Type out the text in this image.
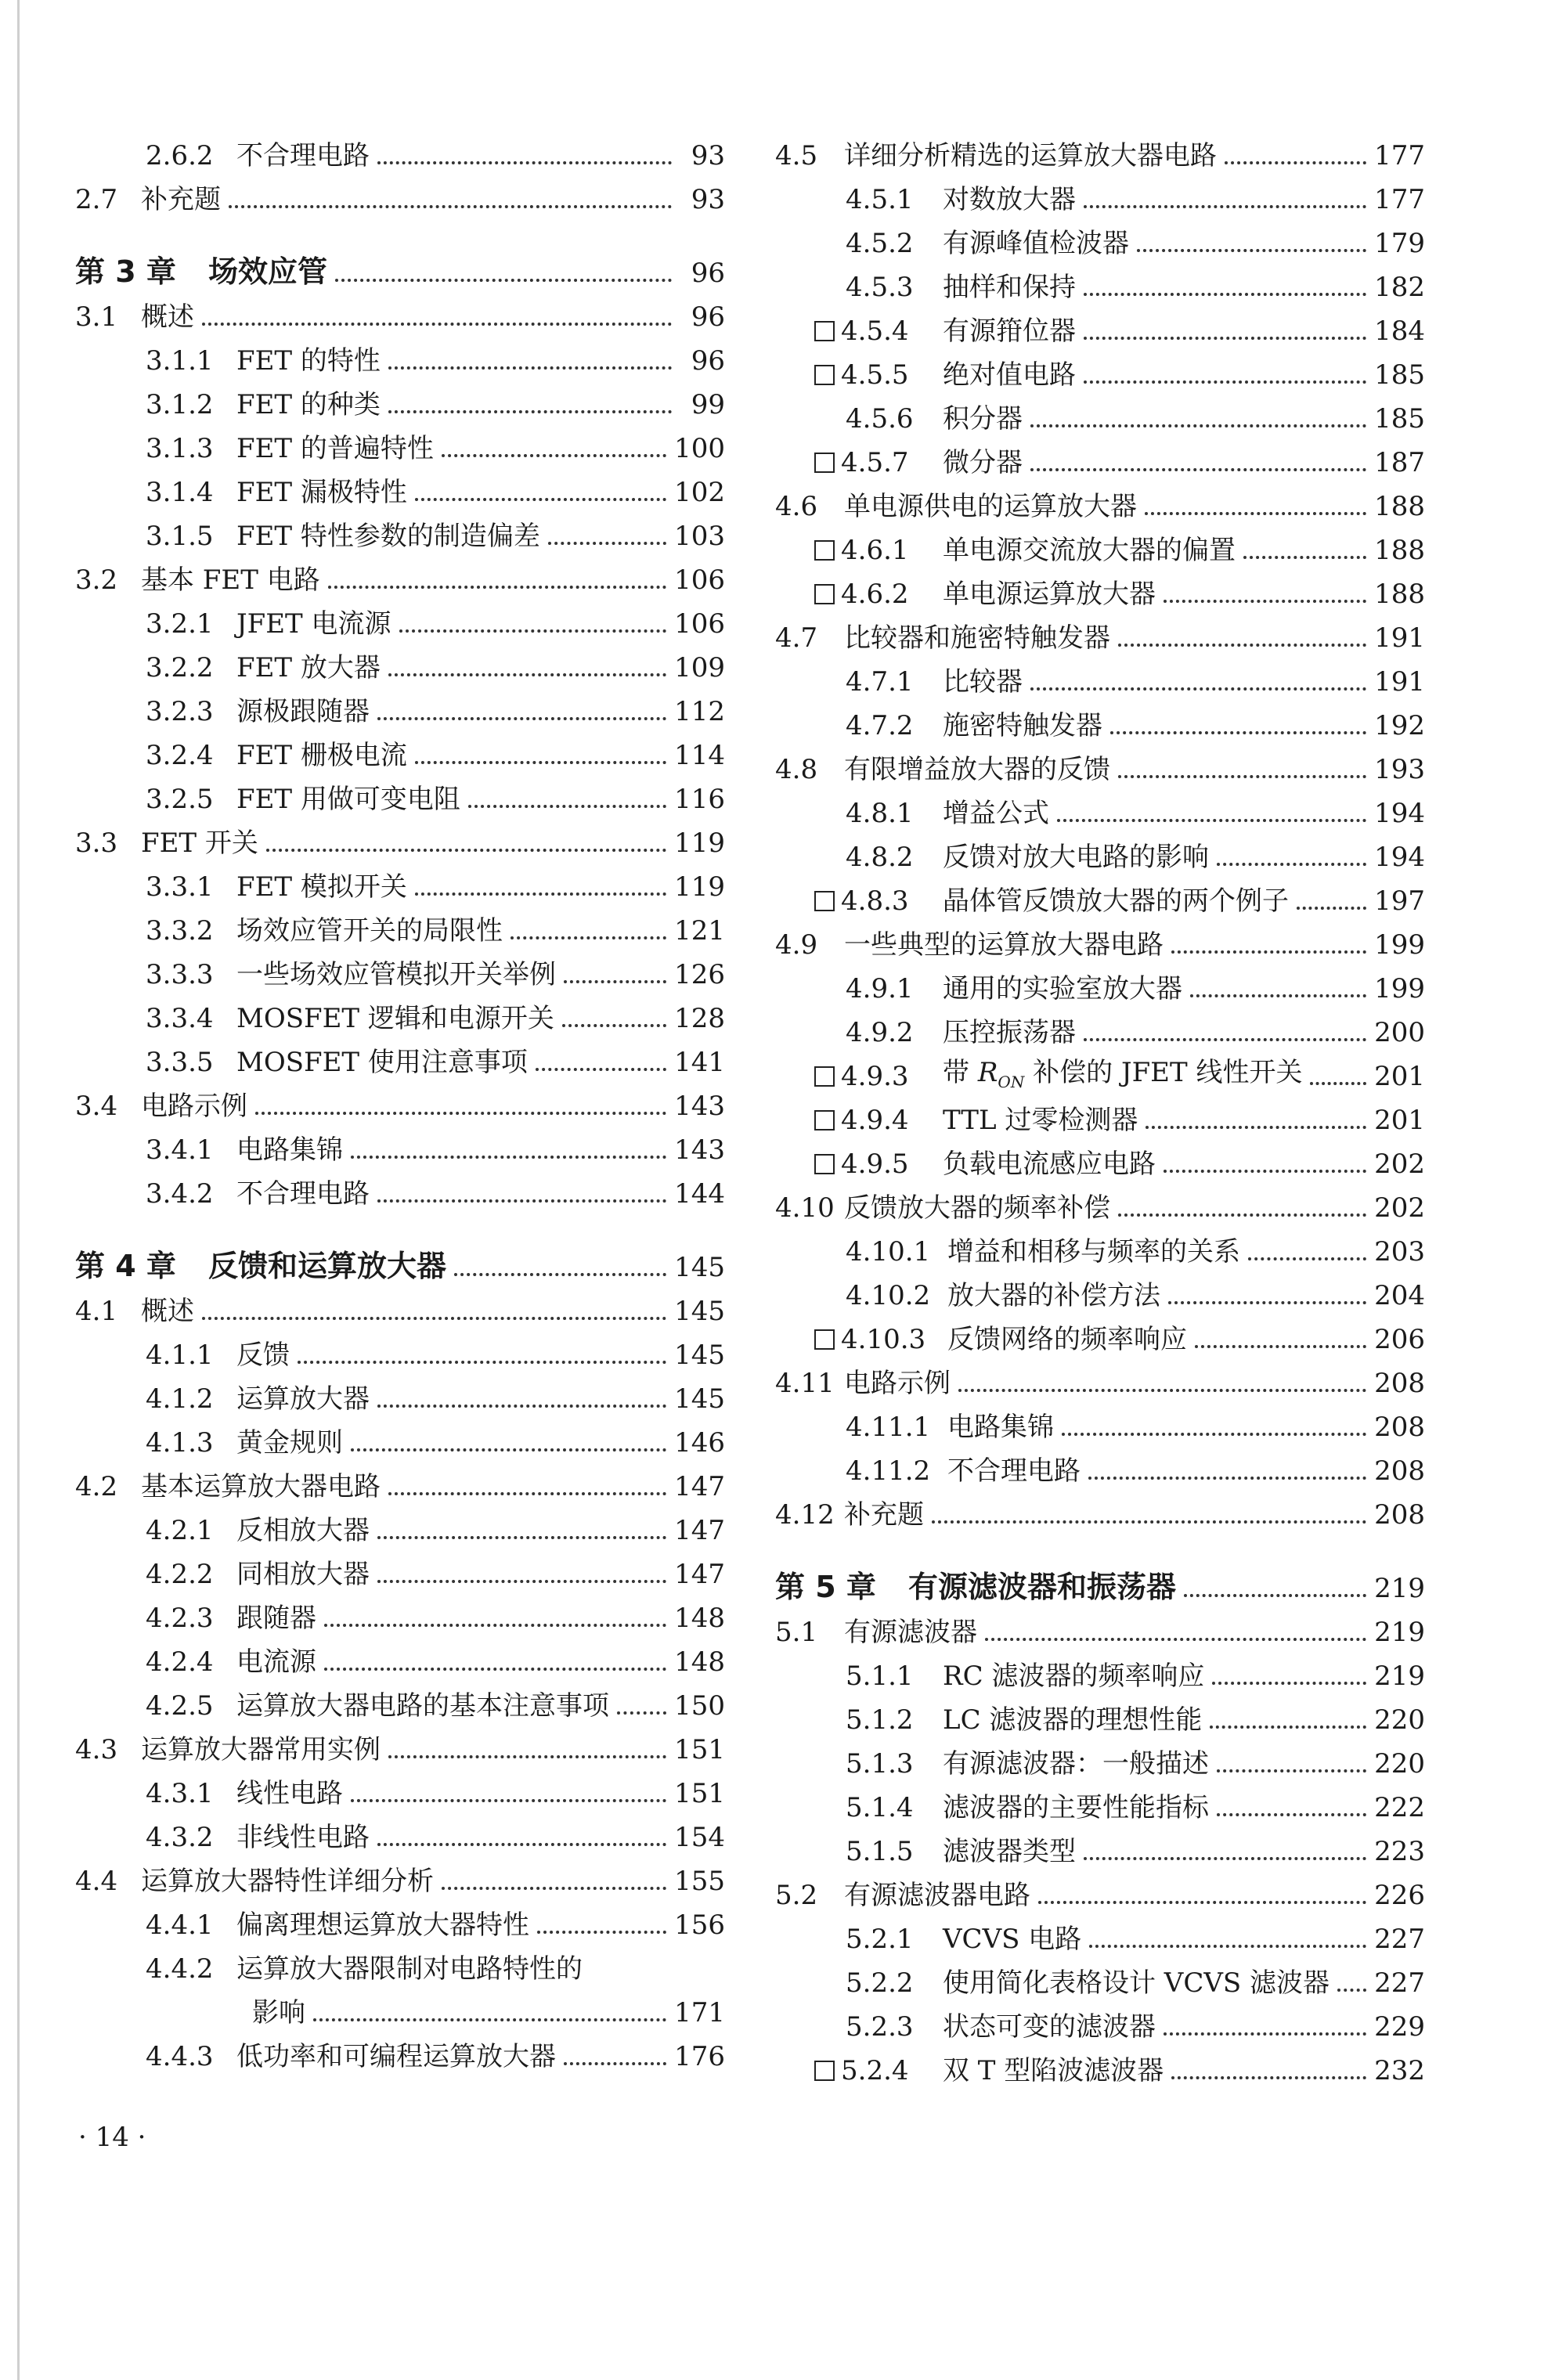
2.6.2 不合理电路	93
2.7 补充题	93
第 3 章	场效应管	96
3.1 概述	96
3.1.1 FET 的特性	96
3.1.2 FET 的种类	99
3.1.3 FET 的普遍特性	100
3.1.4 FET 漏极特性	102
3.1.5 FET 特性参数的制造偏差	103
3.2 基本 FET 电路	106
3.2.1 JFET 电流源	106
3.2.2 FET 放大器	109
3.2.3 源极跟随器	112
3.2.4 FET 栅极电流	114
3.2.5 FET 用做可变电阻	116
3.3 FET 开关	119
3.3.1 FET 模拟开关	119
3.3.2 场效应管开关的局限性	121
3.3.3 一些场效应管模拟开关举例	126
3.3.4 MOSFET 逻辑和电源开关	128
3.3.5 MOSFET 使用注意事项	141
3.4 电路示例	143
3.4.1 电路集锦	143
3.4.2 不合理电路	144
第 4 章	反馈和运算放大器	145
4.1 概述	145
4.1.1 反馈	145
4.1.2 运算放大器	145
4.1.3 黄金规则	146
4.2 基本运算放大器电路	147
4.2.1 反相放大器	147
4.2.2 同相放大器	147
4.2.3 跟随器	148
4.2.4 电流源	148
4.2.5 运算放大器电路的基本注意事项 150
4.3 运算放大器常用实例	151
4.3.1 线性电路	151
4.3.2 非线性电路	154
4.4 运算放大器特性详细分析	155
4.4.1 偏离理想运算放大器特性	156
4.4.2 运算放大器限制对电路特性的
影响	171
4.4.3 低功率和可编程运算放大器	176
4.5 详细分析精选的运算放大器电路	177
4.5.1	对数放大器	177
4.5.2	有源峰值检波器	179
4.5.3	抽样和保持	182
4.5.4	有源箝位器	184
4.5.5	绝对值电路	185
4.5.6	积分器	185
4.5.7	微分器	187
4.6 单电源供电的运算放大器	188
4.6.1	单电源交流放大器的偏置	188
4.6.2	单电源运算放大器	188
4.7 比较器和施密特触发器	191
4.7.1	比较器	191
4.7.2	施密特触发器	192
4.8 有限增益放大器的反馈	193
4.8.1	增益公式	194
4.8.2	反馈对放大电路的影响	194
4.8.3	晶体管反馈放大器的两个例子	197
4.9 一些典型的运算放大器电路	199
4.9.1	通用的实验室放大器	199
4.9.2	压控振荡器	200
4.9.3	带 $R_{ON}$ 补偿的 JFET 线性开关	201
4.9.4	TTL 过零检测器	201
4.9.5	负载电流感应电路	202
4.10 反馈放大器的频率补偿	202
4.10.1 增益和相移与频率的关系	203
4.10.2 放大器的补偿方法	204
4.10.3 反馈网络的频率响应	206
4.11 电路示例	208
4.11.1 电路集锦	208
4.11.2 不合理电路	208
4.12 补充题	208
第 5 章	有源滤波器和振荡器	219
5.1 有源滤波器	219
5.1.1	RC 滤波器的频率响应	219
5.1.2	LC 滤波器的理想性能	220
5.1.3	有源滤波器：一般描述	220
5.1.4	滤波器的主要性能指标	222
5.1.5	滤波器类型	223
5.2 有源滤波器电路	226
5.2.1	VCVS 电路	227
5.2.2	使用简化表格设计 VCVS 滤波器 227
5.2.3	状态可变的滤波器	229
5.2.4	双 T 型陷波滤波器	232
· 14 ·
